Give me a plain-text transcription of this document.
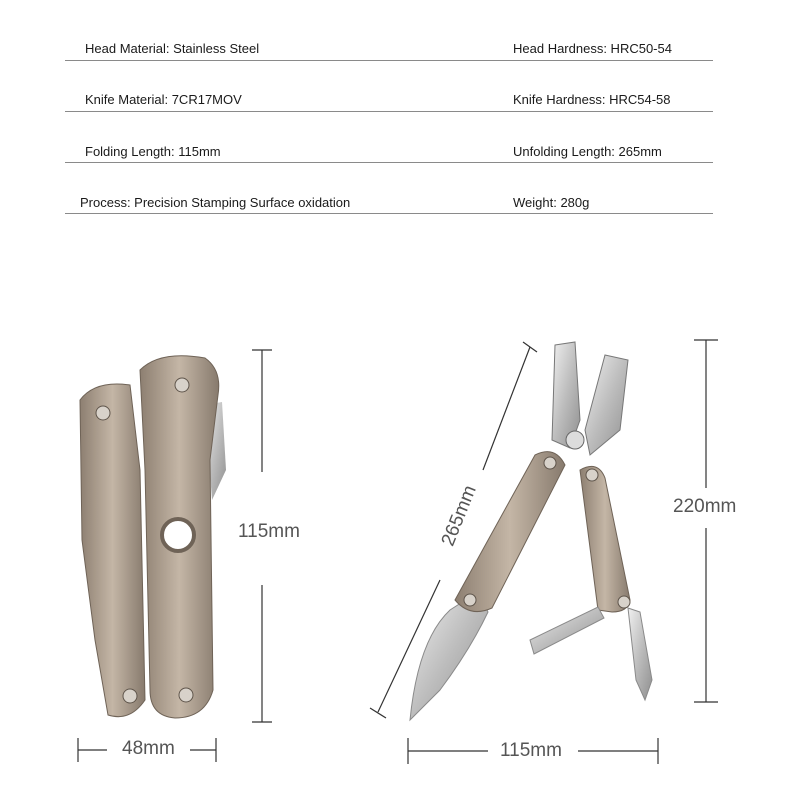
Head Material: Stainless Steel	Head Hardness: HRC50-54
Knife Material: 7CR17MOV	Knife Hardness: HRC54-58
Folding Length: 115mm	Unfolding Length: 265mm
Process: Precision Stamping Surface oxidation	Weight: 280g
115mm
48mm
265mm	220mm
115mm
